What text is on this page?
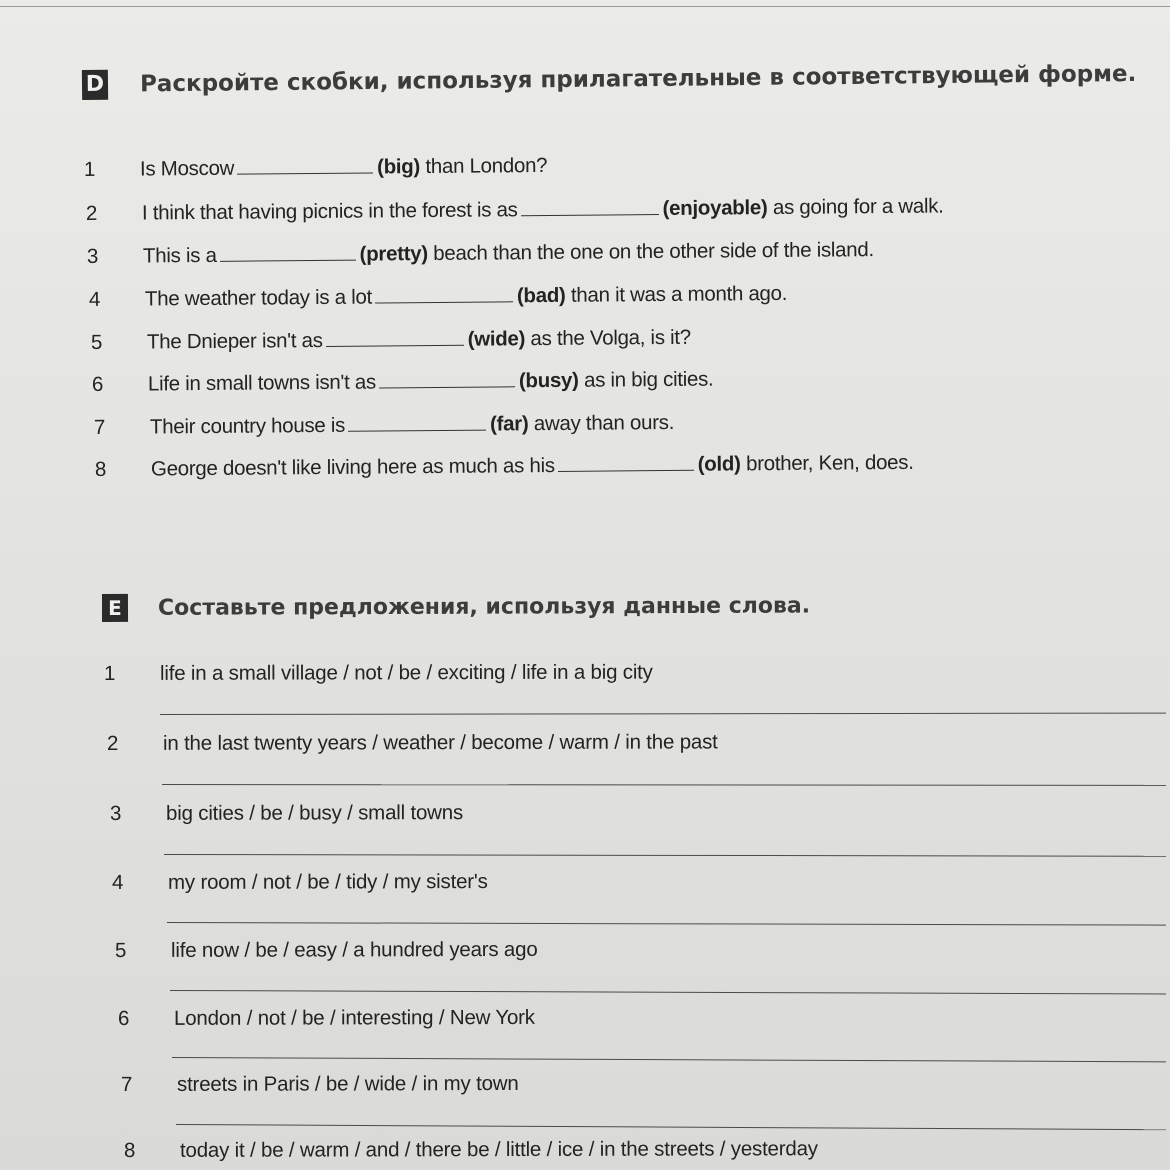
D Раскройте скобки, используя прилагательные в соответствующей форме.
1 Is Moscow	(big) than London?
2 I think that having picnics in the forest is as	(enjoyable) as going for a walk.
3 This is a	(pretty) beach than the one on the other side of the island.
4 The weather today is a lot	(bad) than it was a month ago.
5 The Dnieper isn't as	(wide) as the Volga, is it?
6 Life in small towns isn't as	(busy) as in big cities.
7 Their country house is	(far) away than ours.
8 George doesn't like living here as much as his	(old) brother, Ken, does.
E Составьте предложения, используя данные слова.
1 life in a small village / not / be / exciting / life in a big city
2 in the last twenty years / weather / become / warm / in the past
3 big cities / be / busy / small towns
4 my room / not / be / tidy / my sister's
5 life now / be / easy / a hundred years ago
6 London / not / be / interesting / New York
7 streets in Paris / be / wide / in my town
8 today it / be / warm / and / there be / little / ice / in the streets / yesterday
